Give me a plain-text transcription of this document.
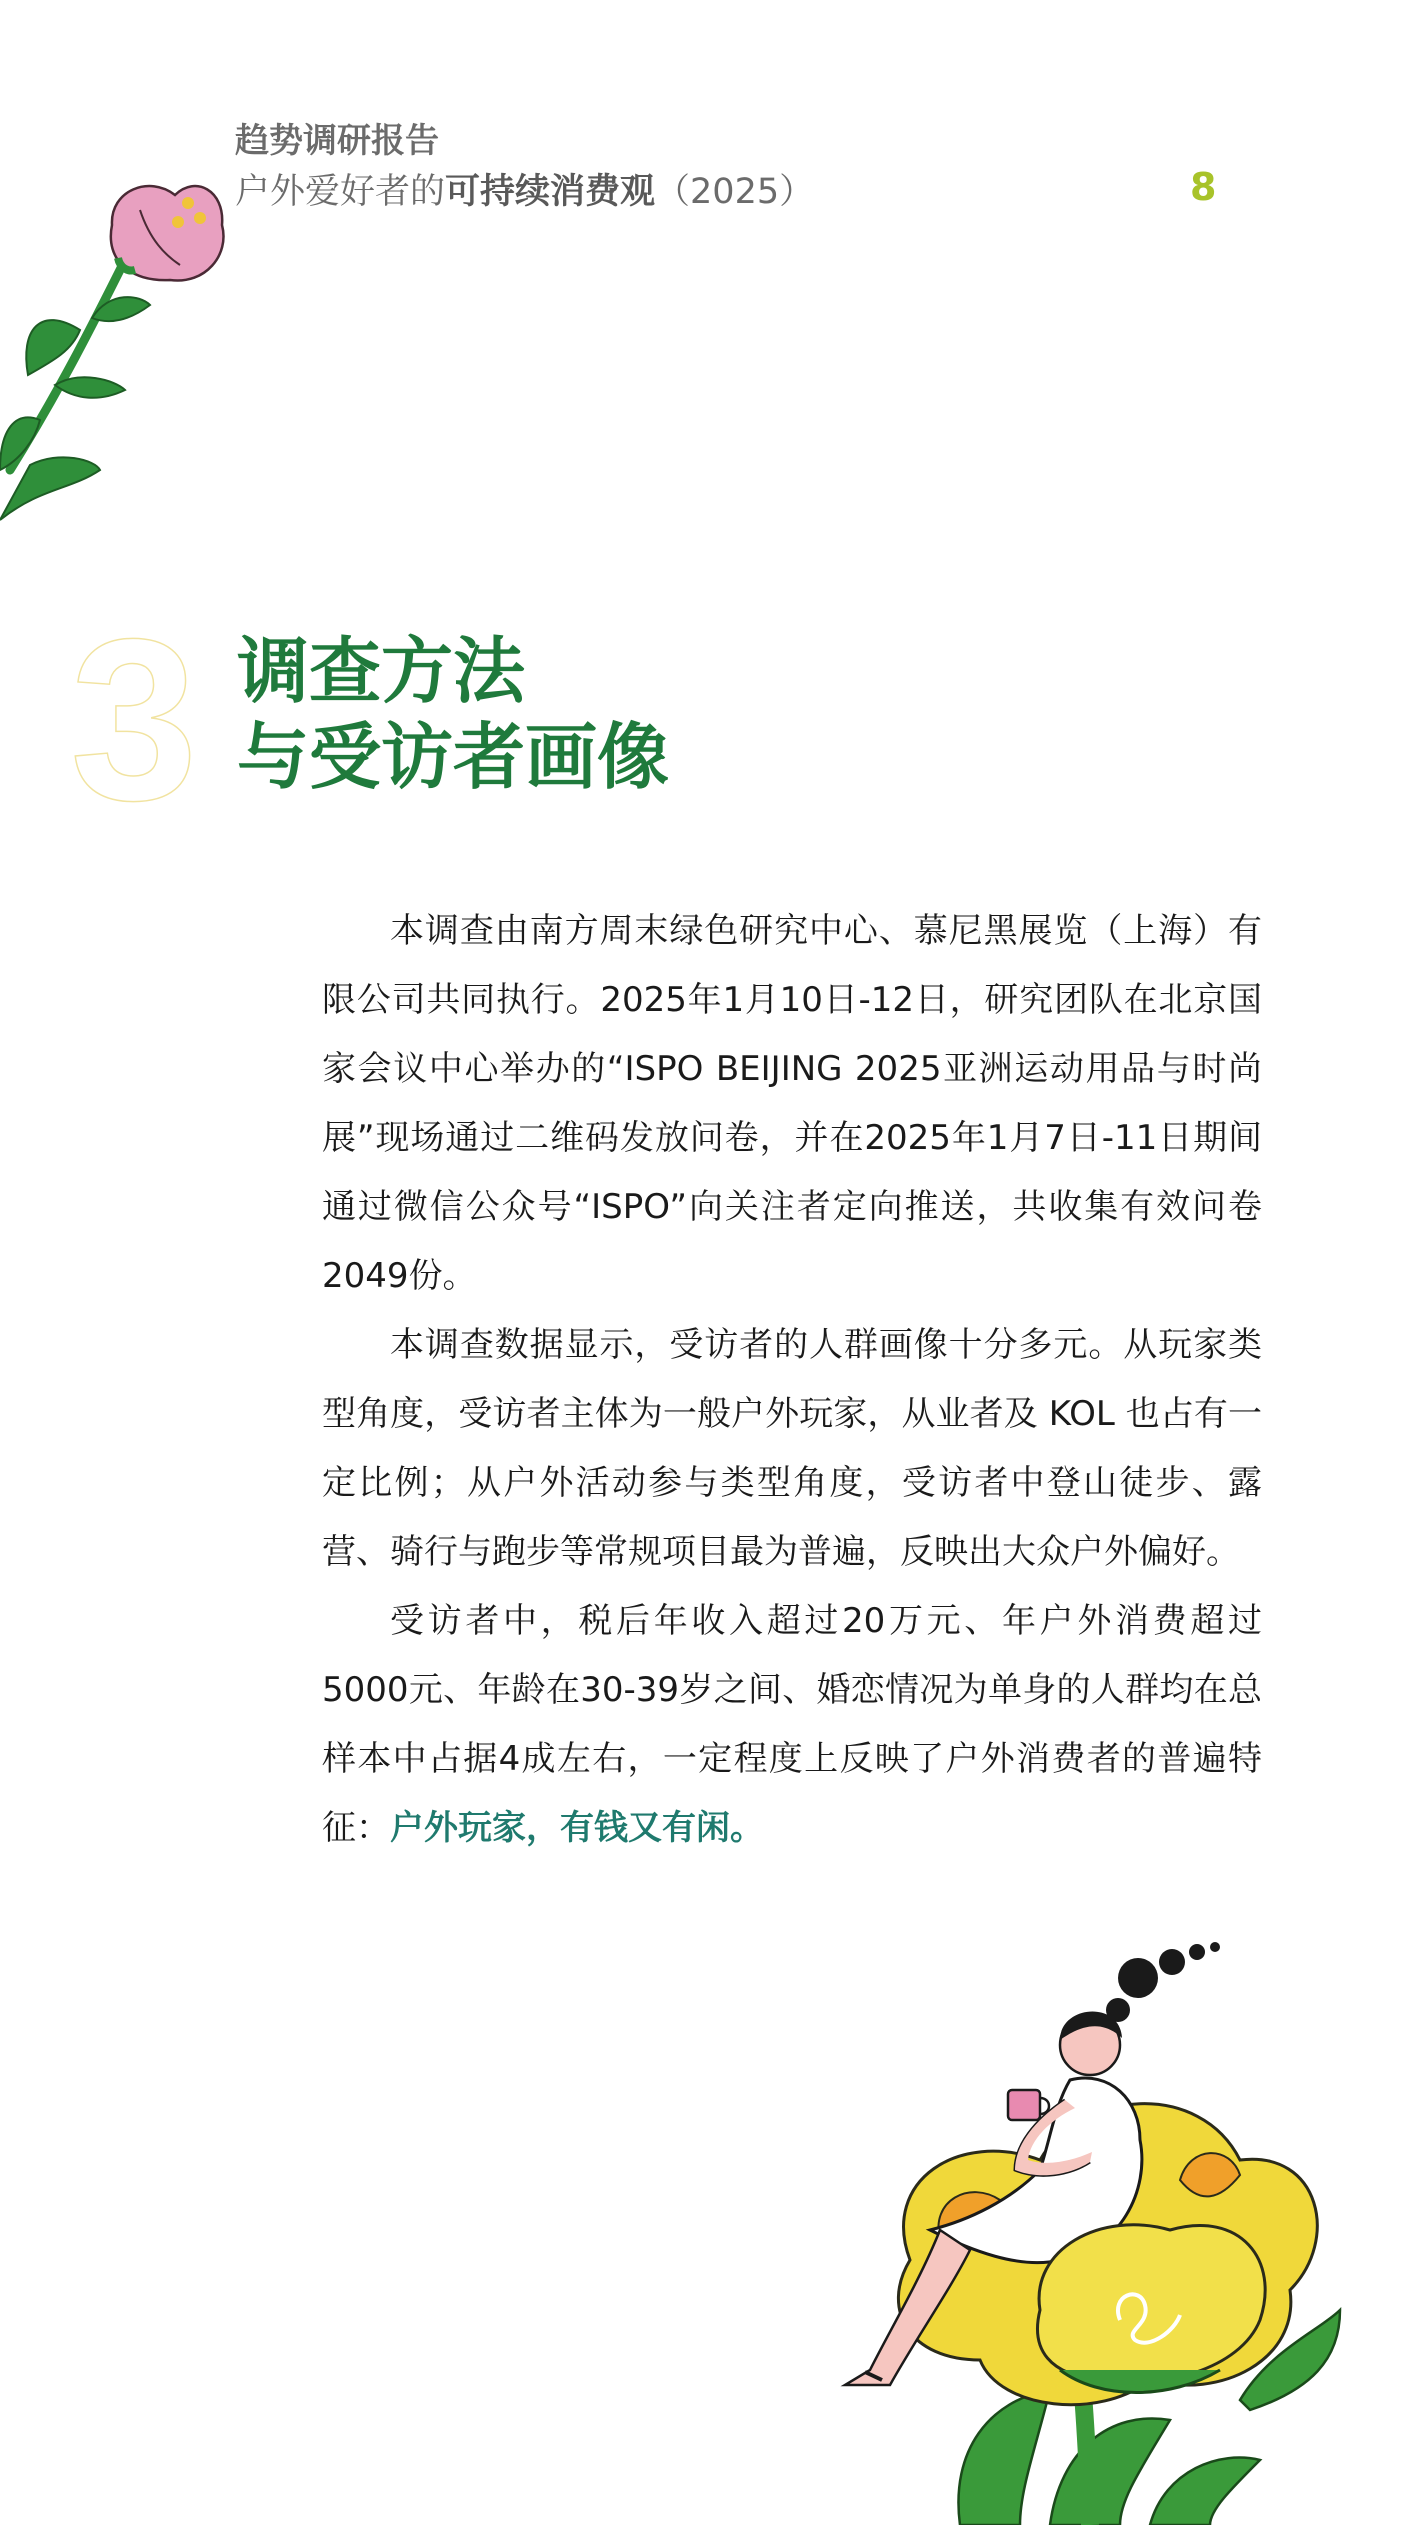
趋势调研报告
户外爱好者的可持续消费观（2025）	8
3 调查方法
与受访者画像

本调查由南方周末绿色研究中心、慕尼黑展览（上海）有限公司共同执行。2025年1月10日-12日，研究团队在北京国家会议中心举办的“ISPO BEIJING 2025亚洲运动用品与时尚展”现场通过二维码发放问卷，并在2025年1月7日-11日期间通过微信公众号“ISPO”向关注者定向推送，共收集有效问卷2049份。

本调查数据显示，受访者的人群画像十分多元。从玩家类型角度，受访者主体为一般户外玩家，从业者及 KOL 也占有一定比例；从户外活动参与类型角度，受访者中登山徒步、露营、骑行与跑步等常规项目最为普遍，反映出大众户外偏好。

受访者中，税后年收入超过20万元、年户外消费超过5000元、年龄在30-39岁之间、婚恋情况为单身的人群均在总样本中占据4成左右，一定程度上反映了户外消费者的普遍特征：户外玩家，有钱又有闲。
